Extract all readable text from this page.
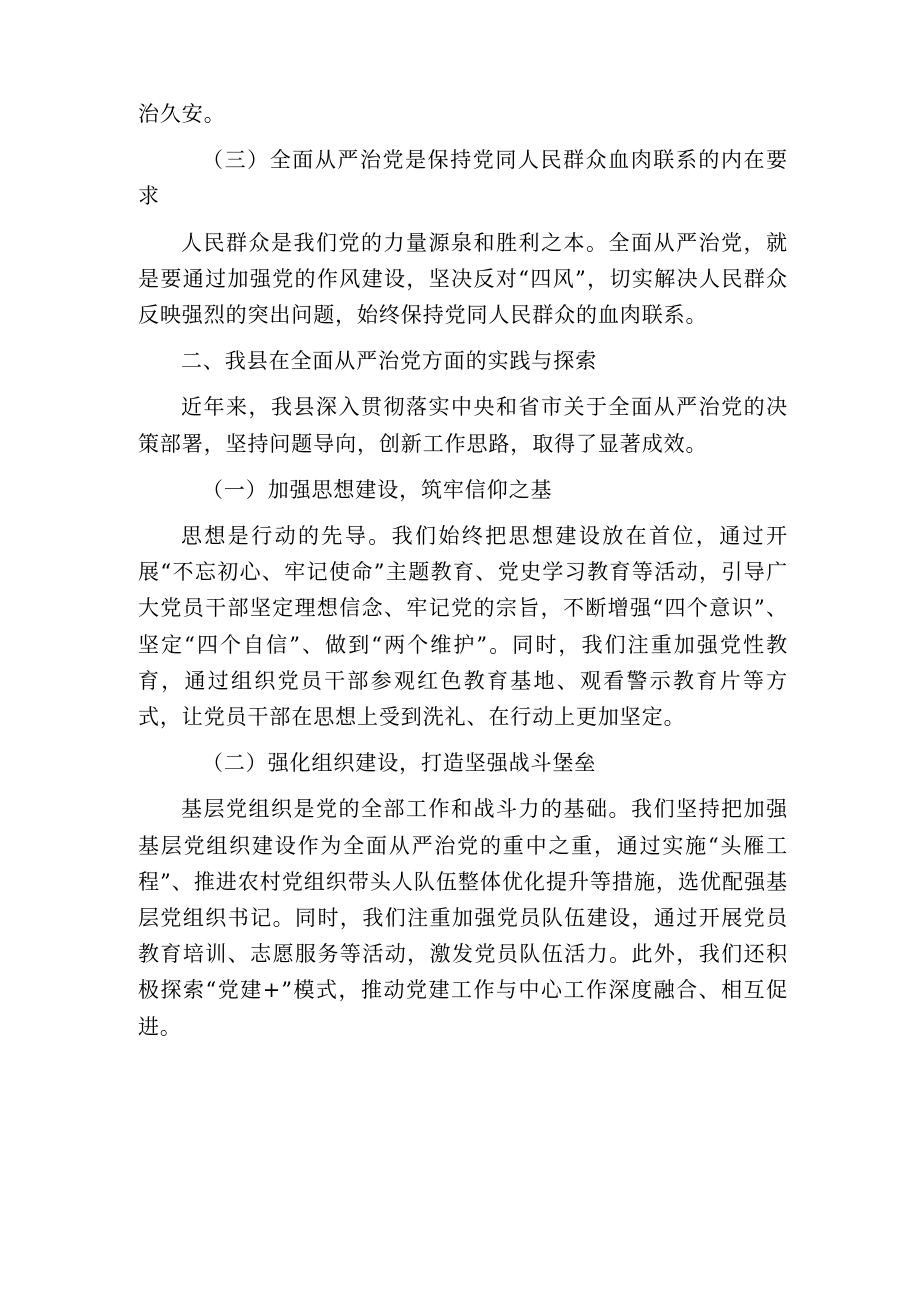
治久安。

（三）全面从严治党是保持党同人民群众血肉联系的内在要求

人民群众是我们党的力量源泉和胜利之本。全面从严治党，就是要通过加强党的作风建设，坚决反对“四风”，切实解决人民群众反映强烈的突出问题，始终保持党同人民群众的血肉联系。

二、我县在全面从严治党方面的实践与探索

近年来，我县深入贯彻落实中央和省市关于全面从严治党的决策部署，坚持问题导向，创新工作思路，取得了显著成效。

（一）加强思想建设，筑牢信仰之基

思想是行动的先导。我们始终把思想建设放在首位，通过开展“不忘初心、牢记使命”主题教育、党史学习教育等活动，引导广大党员干部坚定理想信念、牢记党的宗旨，不断增强“四个意识”、坚定“四个自信”、做到“两个维护”。同时，我们注重加强党性教育，通过组织党员干部参观红色教育基地、观看警示教育片等方式，让党员干部在思想上受到洗礼、在行动上更加坚定。

（二）强化组织建设，打造坚强战斗堡垒

基层党组织是党的全部工作和战斗力的基础。我们坚持把加强基层党组织建设作为全面从严治党的重中之重，通过实施“头雁工程”、推进农村党组织带头人队伍整体优化提升等措施，选优配强基层党组织书记。同时，我们注重加强党员队伍建设，通过开展党员教育培训、志愿服务等活动，激发党员队伍活力。此外，我们还积极探索“党建+”模式，推动党建工作与中心工作深度融合、相互促进。
